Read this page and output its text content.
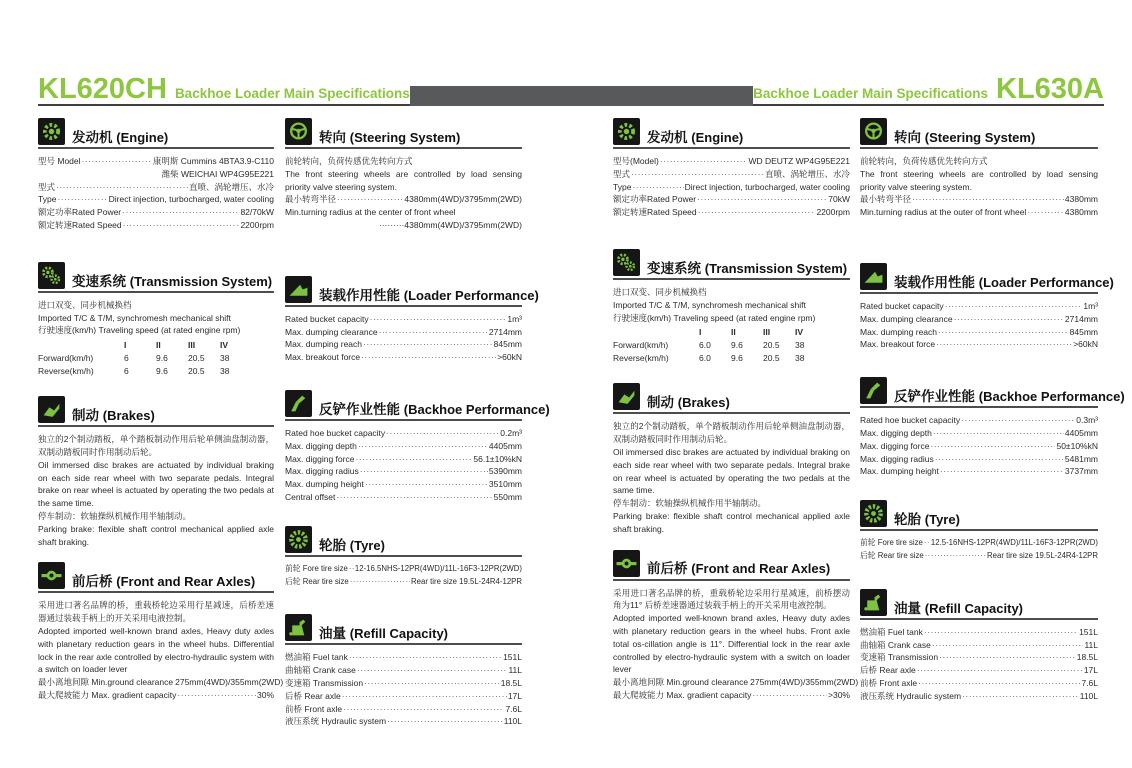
KL620CH Backhoe Loader Main Specifications	Backhoe Loader Main Specifications KL630A
发动机 (Engine)
型号 Model ·····	康明斯 Cummins 4BTA3.9-C110

潍柴 WEICHAI WP4G95E221

型式 ·····	直喷、涡轮增压、水冷
Type ·····	Direct injection, turbocharged, water cooling
额定功率Rated Power ·····	82/70kW
额定转速Rated Speed ·····	2200rpm
变速系统 (Transmission System)

进口双变、同步机械换档

Imported T/C & T/M, synchromesh mechanical shift

行驶速度(km/h) Traveling speed (at rated engine rpm)

	I	II	III	IV
Forward(km/h)	6	9.6	20.5	38
Reverse(km/h)	6	9.6	20.5	38
制动 (Brakes)

独立的2个制动踏板，单个踏板制动作用后轮单侧油盘制动器，双制动踏板同时作用制动后轮。

Oil immersed disc brakes are actuated by individual braking on each side rear wheel with two separate pedals. Integral brake on rear wheel is actuated by operating the two pedals at the same time.

停车制动：软轴操纵机械作用半轴制动。

Parking brake: flexible shaft control mechanical applied axle shaft braking.

前后桥 (Front and Rear Axles)

采用进口著名品牌的桥，重载桥轮边采用行星减速，后桥差速器通过装载手柄上的开关采用电液控制。

Adopted imported well-known brand axles, Heavy duty axles with planetary reduction gears in the wheel hubs. Differential lock in the rear axle controlled by electro-hydraulic system with a switch on loader lever

最小离地间隙 Min.ground clearance 275mm(4WD)/355mm(2WD)
最大爬坡能力 Max. gradient capacity ·····	30%
转向 (Steering System)

前轮转向，负荷传感优先转向方式

The front steering wheels are controlled by load sensing priority valve steering system.

最小转弯半径 ·····	4380mm(4WD)/3795mm(2WD)

Min.turning radius at the center of front wheel

·········4380mm(4WD)/3795mm(2WD)

装载作用性能 (Loader Performance)
Rated bucket capacity ·····	1m³
Max. dumping clearance ·····	2714mm
Max. dumping reach ·····	845mm
Max. breakout force ·····	>60kN
反铲作业性能 (Backhoe Performance)
Rated hoe bucket capacity ·····	0.2m³
Max. digging depth ·····	4405mm
Max. digging force ·····	56.1±10%kN
Max. digging radius ·····	5390mm
Max. dumping height ·····	3510mm
Central offset ·····	550mm
轮胎 (Tyre)
前轮 Fore tire size ····· 12-16.5NHS-12PR(4WD)/11L-16F3-12PR(2WD)
后轮 Rear tire size ·····	Rear tire size 19.5L-24R4-12PR
油量 (Refill Capacity)
燃油箱 Fuel tank ·····	151L
曲轴箱 Crank case ·····	11L
变速箱 Transmission ·····	18.5L
后桥 Rear axle ·····	17L
前桥 Front axle ·····	7.6L
液压系统 Hydraulic system ·····	110L
发动机 (Engine)
型号(Model) ·····	WD DEUTZ WP4G95E221
型式 ·····	直喷、涡轮增压、水冷
Type ·····	Direct injection, turbocharged, water cooling
额定功率Rated Power ·····	70kW
额定转速Rated Speed ·····	2200rpm
变速系统 (Transmission System)

进口双变、同步机械换档

Imported T/C & T/M, synchromesh mechanical shift

行驶速度(km/h) Traveling speed (at rated engine rpm)

	I	II	III	IV
Forward(km/h)	6.0	9.6	20.5	38
Reverse(km/h)	6.0	9.6	20.5	38
制动 (Brakes)

独立的2个制动踏板，单个踏板制动作用后轮单侧油盘制动器，双制动踏板同时作用制动后轮。

Oil immersed disc brakes are actuated by individual braking on each side rear wheel with two separate pedals. Integral brake on rear wheel is actuated by operating the two pedals at the same time.

停车制动：软轴操纵机械作用半轴制动。

Parking brake: flexible shaft control mechanical applied axle shaft braking.

前后桥 (Front and Rear Axles)

采用进口著名品牌的桥，重载桥轮边采用行星减速，前桥摆动角为11° 后桥差速器通过装载手柄上的开关采用电液控制。

Adopted imported well-known brand axles, Heavy duty axles with planetary reduction gears in the wheel hubs. Front axle total os-cillation angle is 11°. Differential lock in the rear axle controlled by electro-hydraulic system with a switch on loader lever

最小离地间隙 Min.ground clearance 275mm(4WD)/355mm(2WD)
最大爬坡能力 Max. gradient capacity ·····	>30%
转向 (Steering System)

前轮转向，负荷传感优先转向方式

The front steering wheels are controlled by load sensing priority valve steering system.

最小转弯半径 ·····	4380mm
Min.turning radius at the outer of front wheel ·····	4380mm
装载作用性能 (Loader Performance)
Rated bucket capacity ·····	1m³
Max. dumping clearance ·····	2714mm
Max. dumping reach ·····	845mm
Max. breakout force ·····	>60kN
反铲作业性能 (Backhoe Performance)
Rated hoe bucket capacity ·····	0.3m³
Max. digging depth ·····	4405mm
Max. digging force ·····	50±10%kN
Max. digging radius ·····	5481mm
Max. dumping height ·····	3737mm
轮胎 (Tyre)
前轮 Fore tire size ····· 12.5-16NHS-12PR(4WD)/11L-16F3-12PR(2WD)
后轮 Rear tire size ·····	Rear tire size 19.5L-24R4-12PR
油量 (Refill Capacity)
燃油箱 Fuel tank ·····	151L
曲轴箱 Crank case ·····	11L
变速箱 Transmission ·····	18.5L
后桥 Rear axle ·····	17L
前桥 Front axle ·····	7.6L
液压系统 Hydraulic system ·····	110L
